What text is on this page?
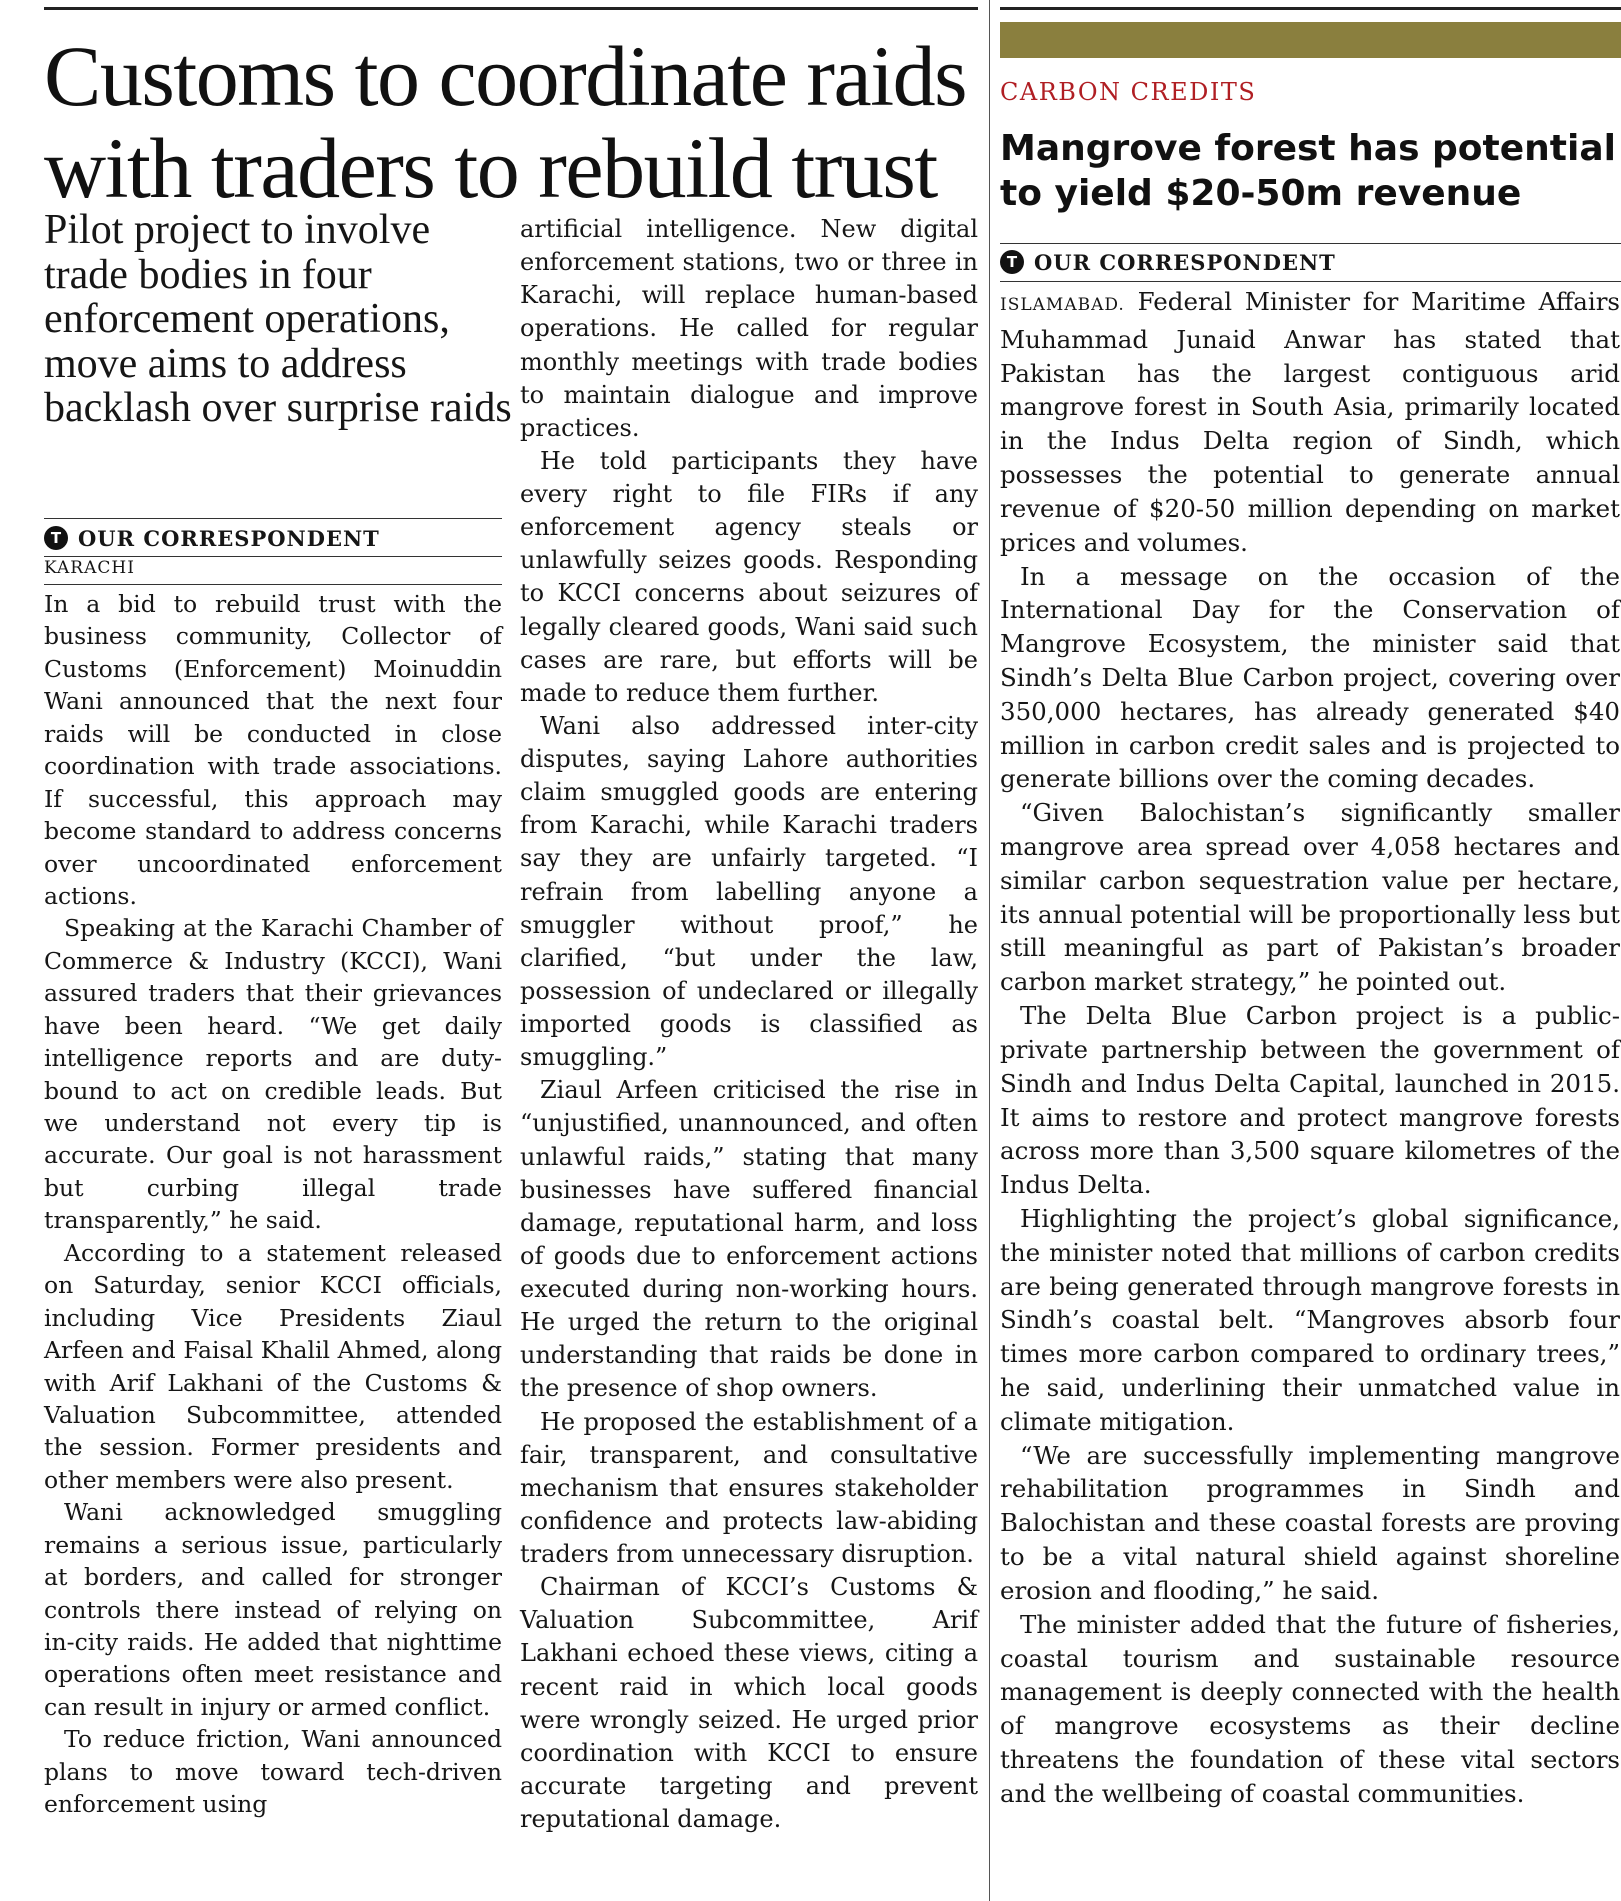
Customs to coordinate raids with traders to rebuild trust

Pilot project to involve trade bodies in four enforcement operations, move aims to address backlash over surprise raids

T OUR CORRESPONDENT
KARACHI

In a bid to rebuild trust with the business community, Collector of Customs (Enforcement) Moinuddin Wani announced that the next four raids will be conducted in close coordination with trade associations. If successful, this approach may become standard to address concerns over uncoordinated enforcement actions.

Speaking at the Karachi Chamber of Commerce & Industry (KCCI), Wani assured traders that their grievances have been heard. “We get daily intelligence reports and are duty-bound to act on credible leads. But we understand not every tip is accurate. Our goal is not harassment but curbing illegal trade transparently,” he said.

According to a statement released on Saturday, senior KCCI officials, including Vice Presidents Ziaul Arfeen and Faisal Khalil Ahmed, along with Arif Lakhani of the Customs & Valuation Subcommittee, attended the session. Former presidents and other members were also present.

Wani acknowledged smuggling remains a serious issue, particularly at borders, and called for stronger controls there instead of relying on in-city raids. He added that nighttime operations often meet resistance and can result in injury or armed conflict.

To reduce friction, Wani announced plans to move toward tech-driven enforcement using

artificial intelligence. New digital enforcement stations, two or three in Karachi, will replace human-based operations. He called for regular monthly meetings with trade bodies to maintain dialogue and improve practices.

He told participants they have every right to file FIRs if any enforcement agency steals or unlawfully seizes goods. Responding to KCCI concerns about seizures of legally cleared goods, Wani said such cases are rare, but efforts will be made to reduce them further.

Wani also addressed inter-city disputes, saying Lahore authorities claim smuggled goods are entering from Karachi, while Karachi traders say they are unfairly targeted. “I refrain from labelling anyone a smuggler without proof,” he clarified, “but under the law, possession of undeclared or illegally imported goods is classified as smuggling.”

Ziaul Arfeen criticised the rise in “unjustified, unannounced, and often unlawful raids,” stating that many businesses have suffered financial damage, reputational harm, and loss of goods due to enforcement actions executed during non-working hours. He urged the return to the original understanding that raids be done in the presence of shop owners.

He proposed the establishment of a fair, transparent, and consultative mechanism that ensures stakeholder confidence and protects law-abiding traders from unnecessary disruption.

Chairman of KCCI’s Customs & Valuation Subcommittee, Arif Lakhani echoed these views, citing a recent raid in which local goods were wrongly seized. He urged prior coordination with KCCI to ensure accurate targeting and prevent reputational damage.

CARBON CREDITS
Mangrove forest has potential to yield $20-50m revenue
T OUR CORRESPONDENT

ISLAMABAD. Federal Minister for Maritime Affairs Muhammad Junaid Anwar has stated that Pakistan has the largest contiguous arid mangrove forest in South Asia, primarily located in the Indus Delta region of Sindh, which possesses the potential to generate annual revenue of $20-50 million depending on market prices and volumes.

In a message on the occasion of the International Day for the Conservation of Mangrove Ecosystem, the minister said that Sindh’s Delta Blue Carbon project, covering over 350,000 hectares, has already generated $40 million in carbon credit sales and is projected to generate billions over the coming decades.

“Given Balochistan’s significantly smaller mangrove area spread over 4,058 hectares and similar carbon sequestration value per hectare, its annual potential will be proportionally less but still meaningful as part of Pakistan’s broader carbon market strategy,” he pointed out.

The Delta Blue Carbon project is a public-private partnership between the government of Sindh and Indus Delta Capital, launched in 2015. It aims to restore and protect mangrove forests across more than 3,500 square kilometres of the Indus Delta.

Highlighting the project’s global significance, the minister noted that millions of carbon credits are being generated through mangrove forests in Sindh’s coastal belt. “Mangroves absorb four times more carbon compared to ordinary trees,” he said, underlining their unmatched value in climate mitigation.

“We are successfully implementing mangrove rehabilitation programmes in Sindh and Balochistan and these coastal forests are proving to be a vital natural shield against shoreline erosion and flooding,” he said.

The minister added that the future of fisheries, coastal tourism and sustainable resource management is deeply connected with the health of mangrove ecosystems as their decline threatens the foundation of these vital sectors and the wellbeing of coastal communities.
